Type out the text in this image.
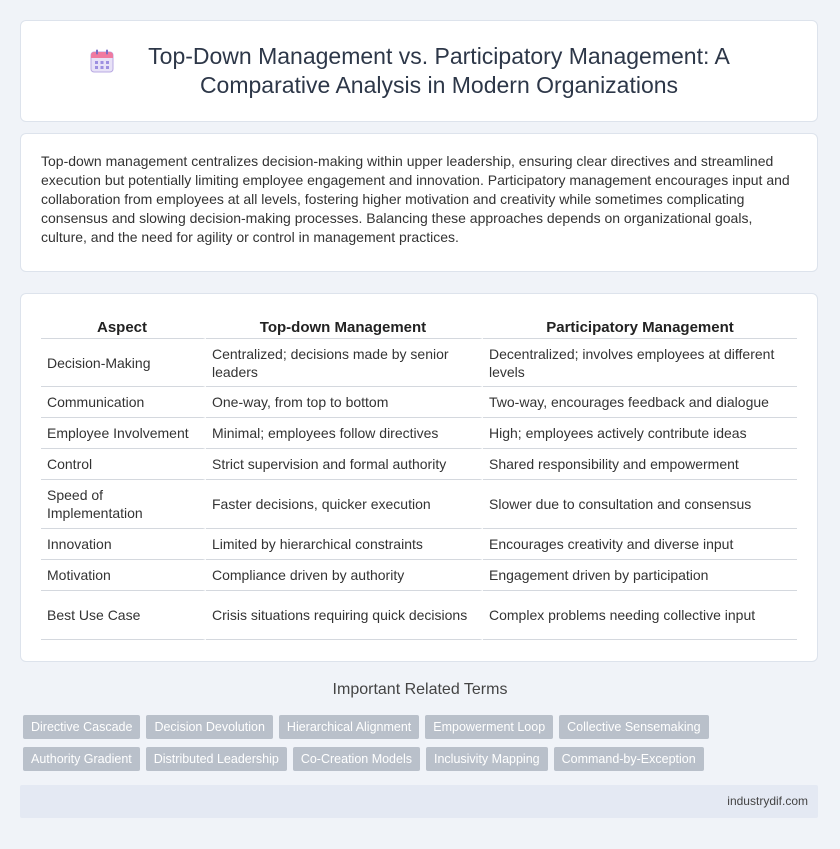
Top-Down Management vs. Participatory Management: A Comparative Analysis in Modern Organizations

Top-down management centralizes decision-making within upper leadership, ensuring clear directives and streamlined execution but potentially limiting employee engagement and innovation. Participatory management encourages input and collaboration from employees at all levels, fostering higher motivation and creativity while sometimes complicating consensus and slowing decision-making processes. Balancing these approaches depends on organizational goals, culture, and the need for agility or control in management practices.

Aspect	Top-down Management	Participatory Management
Decision-Making	Centralized; decisions made by senior leaders	Decentralized; involves employees at different levels
Communication	One-way, from top to bottom	Two-way, encourages feedback and dialogue
Employee Involvement	Minimal; employees follow directives	High; employees actively contribute ideas
Control	Strict supervision and formal authority	Shared responsibility and empowerment
Speed of Implementation	Faster decisions, quicker execution	Slower due to consultation and consensus
Innovation	Limited by hierarchical constraints	Encourages creativity and diverse input
Motivation	Compliance driven by authority	Engagement driven by participation
Best Use Case	Crisis situations requiring quick decisions	Complex problems needing collective input
Important Related Terms
Directive Cascade Decision Devolution Hierarchical Alignment Empowerment Loop Collective SensemakingAuthority Gradient Distributed Leadership Co-Creation Models Inclusivity Mapping Command-by-Exception
industrydif.com
